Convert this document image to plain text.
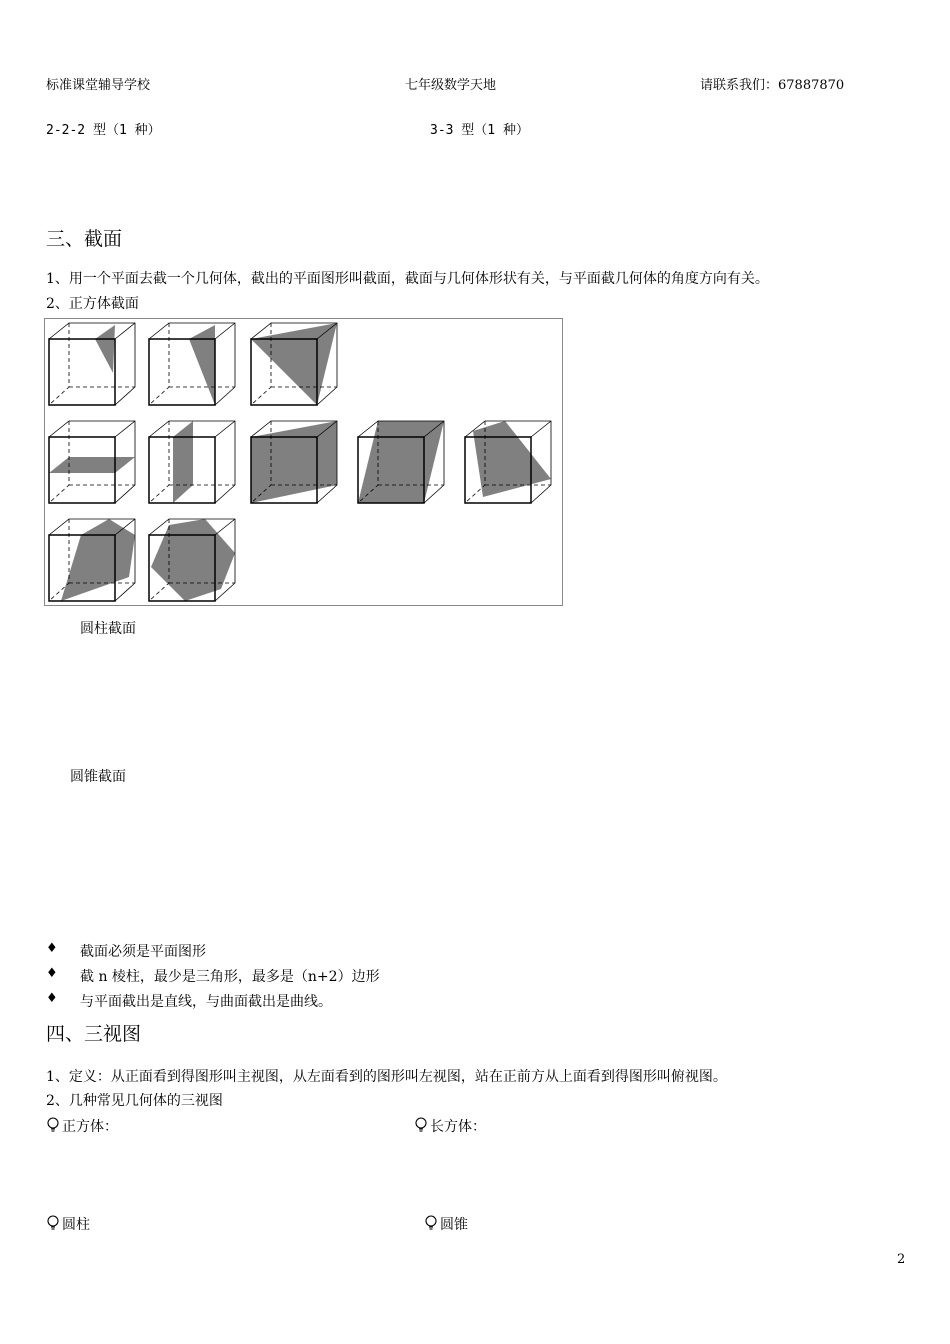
标准课堂辅导学校	七年级数学天地	请联系我们：67887870
2-2-2 型（1 种）	3-3 型（1 种）
三、截面
1、用一个平面去截一个几何体，截出的平面图形叫截面，截面与几何体形状有关，与平面截几何体的角度方向有关。
2、正方体截面
圆柱截面
圆锥截面
♦ 截面必须是平面图形
♦ 截 n 棱柱，最少是三角形，最多是（n+2）边形
♦ 与平面截出是直线，与曲面截出是曲线。
四、三视图
1、定义：从正面看到得图形叫主视图，从左面看到的图形叫左视图，站在正前方从上面看到得图形叫俯视图。
2、几种常见几何体的三视图
正方体：	长方体：
圆柱	圆锥
2
